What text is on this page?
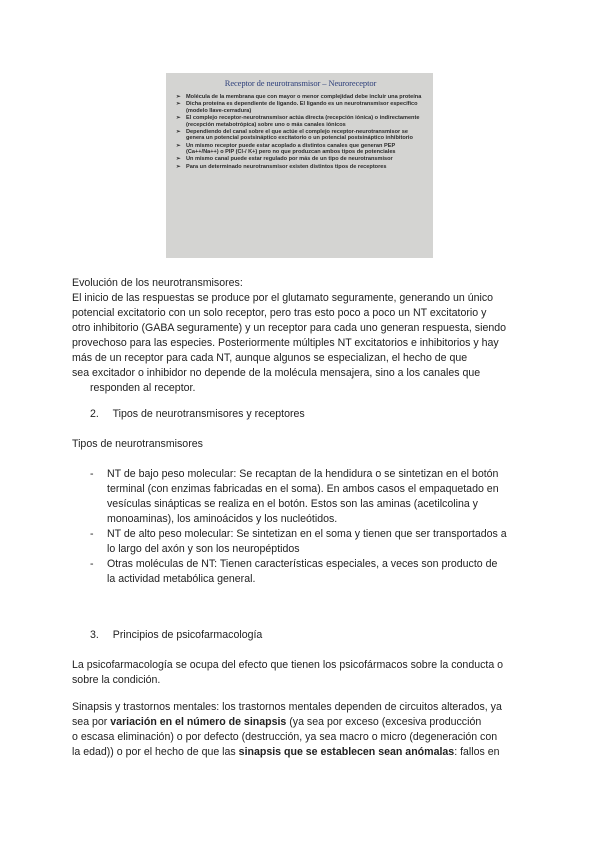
Receptor de neurotransmisor – Neuroreceptor
➢ Molécula de la membrana que con mayor o menor complejidad debe incluir una proteína
➢ Dicha proteína es dependiente de ligando. El ligando es un neurotransmisor específico (modelo llave-cerradura)
➢ El complejo receptor-neurotransmisor actúa directa (recepción iónica) o indirectamente (recepción metabotrópica) sobre uno o más canales iónicos
➢ Dependiendo del canal sobre el que actúe el complejo receptor-neurotransmisor se genera un potencial postsináptico excitatorio o un potencial postsináptico inhibitorio
➢ Un mismo receptor puede estar acoplado a distintos canales que generan PEP (Ca++/Na++) o PIP (Cl-/ K+) pero no que produzcan ambos tipos de potenciales
➢ Un mismo canal puede estar regulado por más de un tipo de neurotransmisor
➢ Para un determinado neurotransmisor existen distintos tipos de receptores
Evolución de los neurotransmisores:
El inicio de las respuestas se produce por el glutamato seguramente, generando un único
potencial excitatorio con un solo receptor, pero tras esto poco a poco un NT excitatorio y
otro inhibitorio (GABA seguramente) y un receptor para cada uno generan respuesta, siendo
provechoso para las especies. Posteriormente múltiples NT excitatorios e inhibitorios y hay
más de un receptor para cada NT, aunque algunos se especializan, el hecho de que
sea excitador o inhibidor no depende de la molécula mensajera, sino a los canales que
responden al receptor.
2. Tipos de neurotransmisores y receptores
Tipos de neurotransmisores
- NT de bajo peso molecular: Se recaptan de la hendidura o se sintetizan en el botón
terminal (con enzimas fabricadas en el soma). En ambos casos el empaquetado en
vesículas sinápticas se realiza en el botón. Estos son las aminas (acetilcolina y
monoaminas), los aminoácidos y los nucleótidos.
- NT de alto peso molecular: Se sintetizan en el soma y tienen que ser transportados a
lo largo del axón y son los neuropéptidos
- Otras moléculas de NT: Tienen características especiales, a veces son producto de
la actividad metabólica general.
3. Principios de psicofarmacología
La psicofarmacología se ocupa del efecto que tienen los psicofármacos sobre la conducta o
sobre la condición.
Sinapsis y trastornos mentales: los trastornos mentales dependen de circuitos alterados, ya
sea por variación en el número de sinapsis (ya sea por exceso (excesiva producción
o escasa eliminación) o por defecto (destrucción, ya sea macro o micro (degeneración con
la edad)) o por el hecho de que las sinapsis que se establecen sean anómalas: fallos en
